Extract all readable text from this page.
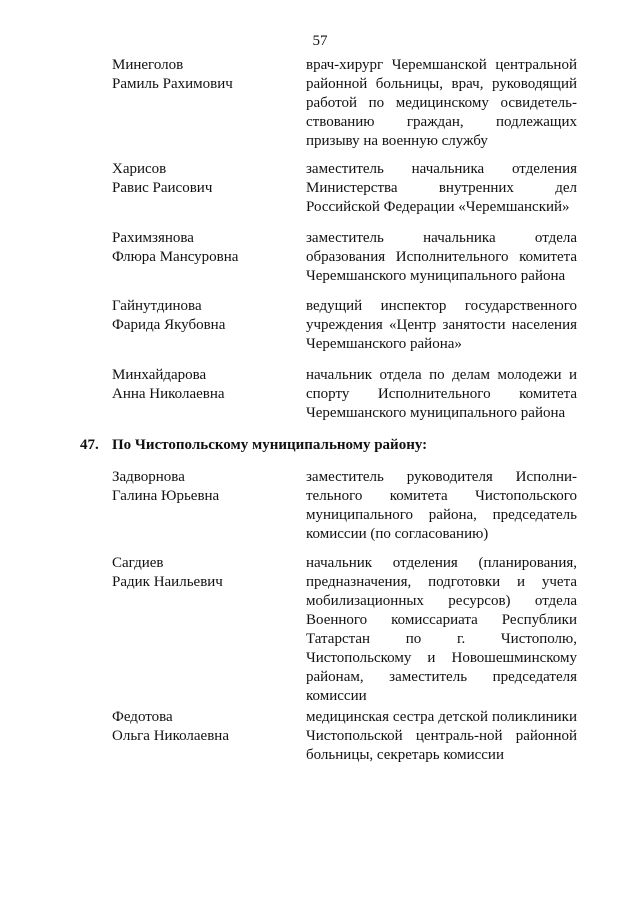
57
Минеголов
Рамиль Рахимович
врач-хирург Черемшанской центральной районной больницы, врач, руководящий работой по медицинскому освидетель-ствованию граждан, подлежащих призыву на военную службу
Харисов
Равис Раисович
заместитель начальника отделения Министерства внутренних дел Российской Федерации «Черемшанский»
Рахимзянова
Флюра Мансуровна
заместитель начальника отдела образования Исполнительного комитета Черемшанского муниципального района
Гайнутдинова
Фарида Якубовна
ведущий инспектор государственного учреждения «Центр занятости населения Черемшанского района»
Минхайдарова
Анна Николаевна
начальник отдела по делам молодежи и спорту Исполнительного комитета Черемшанского муниципального района
47. По Чистопольскому муниципальному району:
Задворнова
Галина Юрьевна
заместитель руководителя Исполни-тельного комитета Чистопольского муниципального района, председатель комиссии (по согласованию)
Сагдиев
Радик Наильевич
начальник отделения (планирования, предназначения, подготовки и учета мобилизационных ресурсов) отдела Военного комиссариата Республики Татарстан по г. Чистополю, Чистопольскому и Новошешминскому районам, заместитель председателя комиссии
Федотова
Ольга Николаевна
медицинская сестра детской поликлиники Чистопольской централь-ной районной больницы, секретарь комиссии
